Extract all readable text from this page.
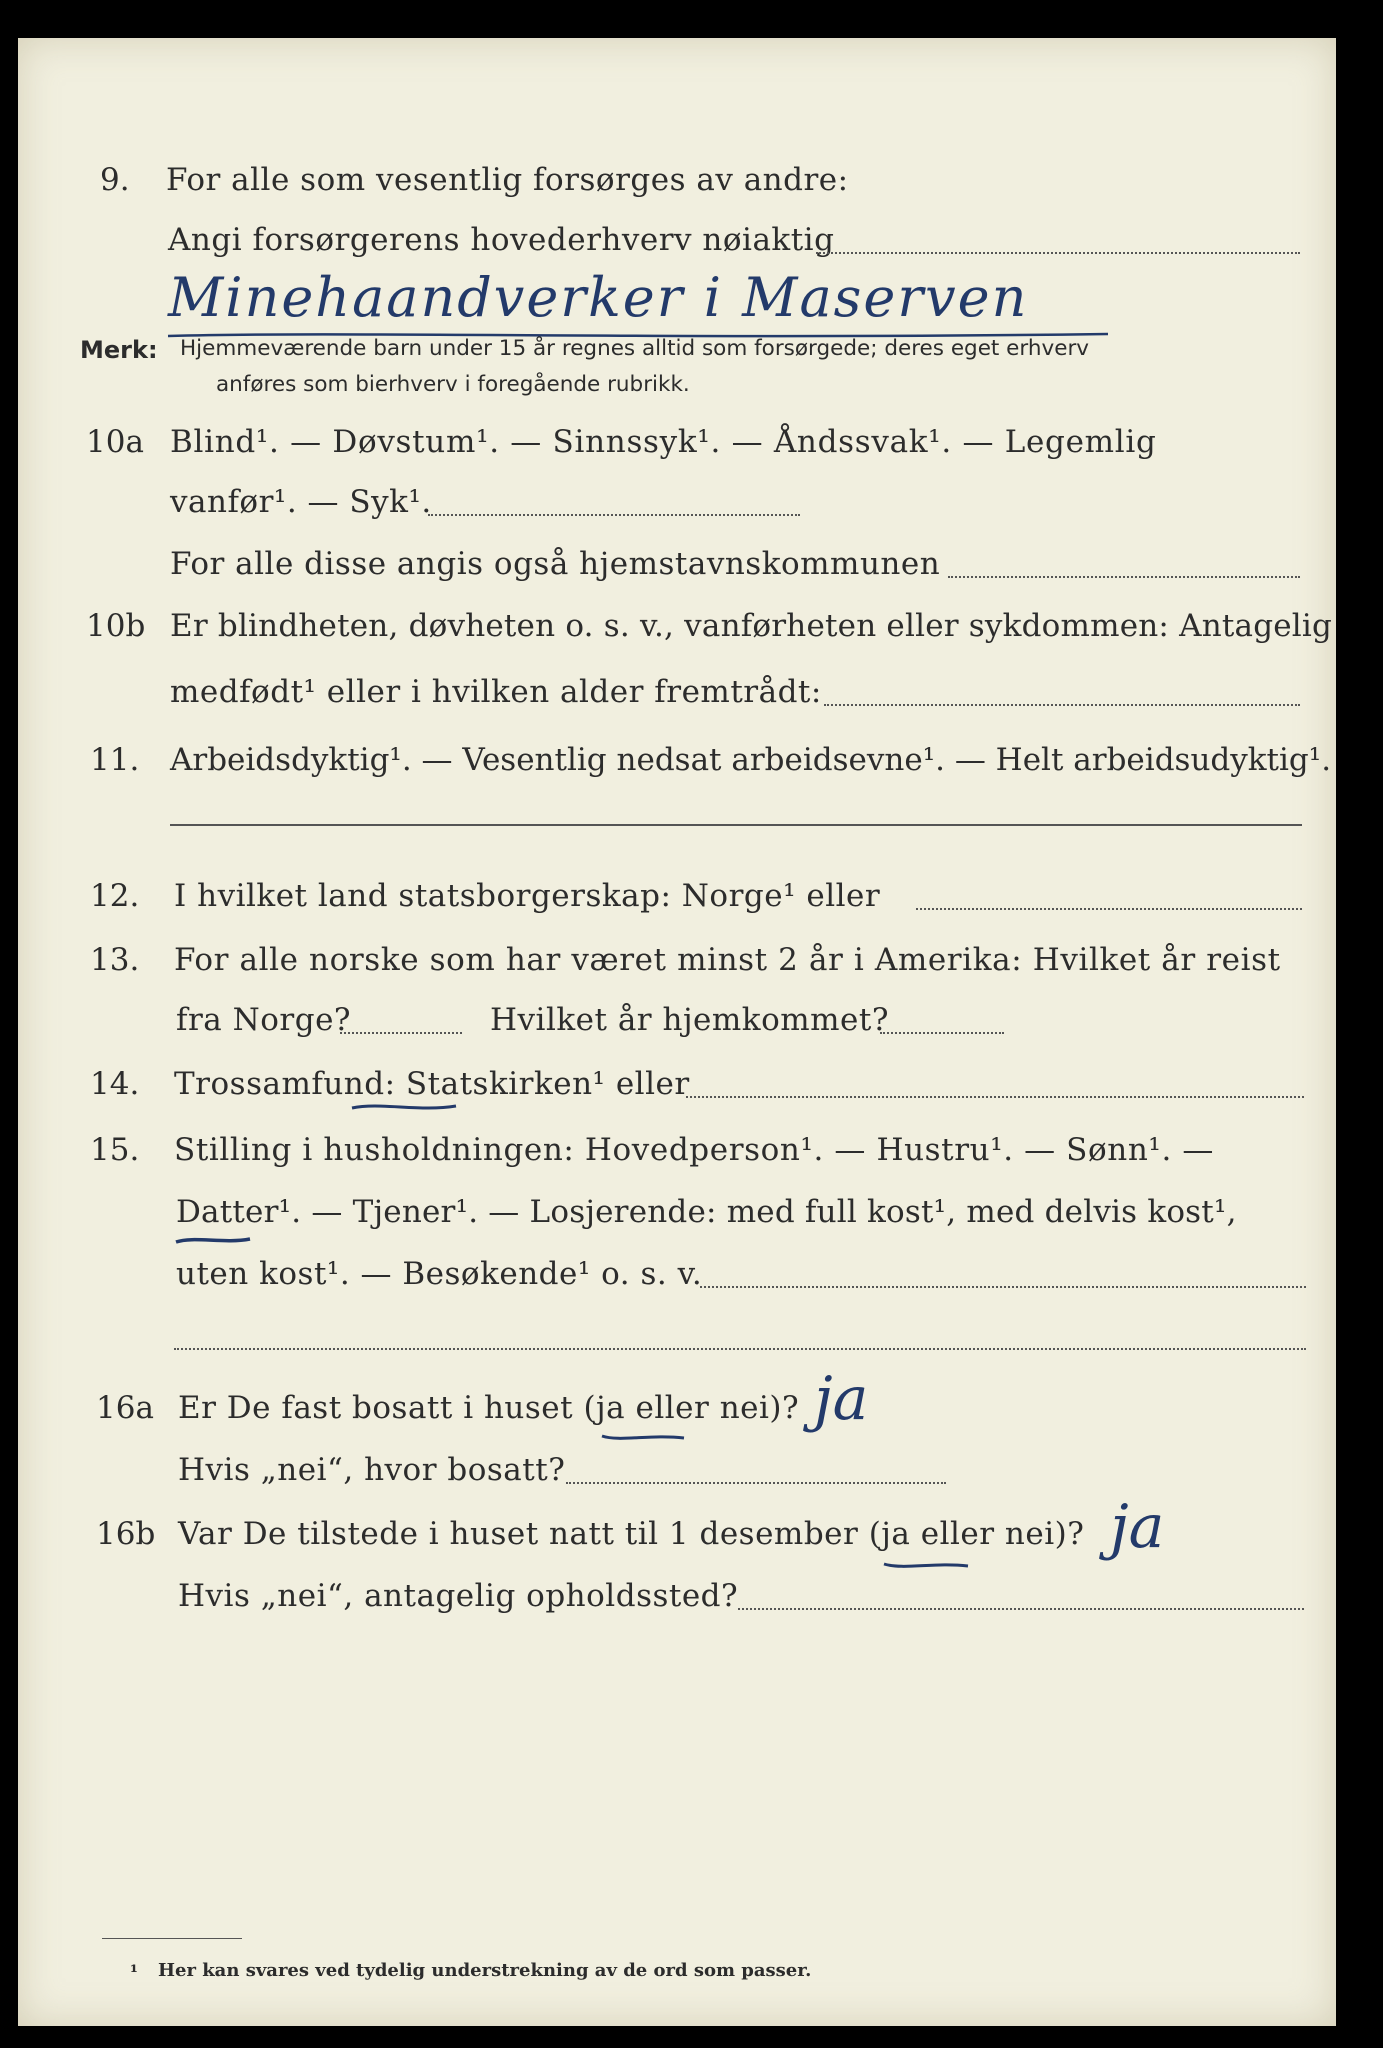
9. For alle som vesentlig forsørges av andre:
Angi forsørgerens hovederhverv nøiaktig
Minehaandverker i Maserven
Merk: Hjemmeværende barn under 15 år regnes alltid som forsørgede; deres eget erhverv
anføres som bierhverv i foregående rubrikk.
10a Blind¹. — Døvstum¹. — Sinnssyk¹. — Åndssvak¹. — Legemlig
vanfør¹. — Syk¹.
For alle disse angis også hjemstavnskommunen
10b Er blindheten, døvheten o. s. v., vanførheten eller sykdommen: Antagelig
medfødt¹ eller i hvilken alder fremtrådt:
11. Arbeidsdyktig¹. — Vesentlig nedsat arbeidsevne¹. — Helt arbeidsudyktig¹.
12. I hvilket land statsborgerskap: Norge¹ eller
13. For alle norske som har været minst 2 år i Amerika: Hvilket år reist
fra Norge?	Hvilket år hjemkommet?
14. Trossamfund: Statskirken¹ eller
15. Stilling i husholdningen: Hovedperson¹. — Hustru¹. — Sønn¹. —
Datter¹. — Tjener¹. — Losjerende: med full kost¹, med delvis kost¹,
uten kost¹. — Besøkende¹ o. s. v.
16a Er De fast bosatt i huset (ja eller nei)? ja
Hvis „nei“, hvor bosatt?
16b Var De tilstede i huset natt til 1 desember (ja eller nei)? ja
Hvis „nei“, antagelig opholdssted?
¹ Her kan svares ved tydelig understrekning av de ord som passer.
